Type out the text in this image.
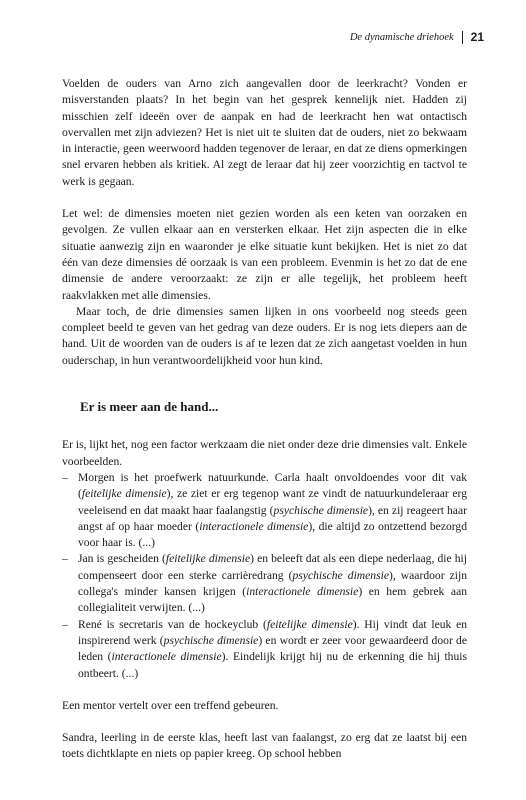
De dynamische driehoek 21

Voelden de ouders van Arno zich aangevallen door de leerkracht? Vonden er misverstanden plaats? In het begin van het gesprek kennelijk niet. Hadden zij misschien zelf ideeën over de aanpak en had de leerkracht hen wat ontactisch overvallen met zijn adviezen? Het is niet uit te sluiten dat de ouders, niet zo bekwaam in interactie, geen weerwoord hadden tegenover de leraar, en dat ze diens opmerkingen snel ervaren hebben als kritiek. Al zegt de leraar dat hij zeer voorzichtig en tactvol te werk is gegaan.

Let wel: de dimensies moeten niet gezien worden als een keten van oorzaken en gevolgen. Ze vullen elkaar aan en versterken elkaar. Het zijn aspecten die in elke situatie aanwezig zijn en waaronder je elke situatie kunt bekijken. Het is niet zo dat één van deze dimensies dé oorzaak is van een probleem. Evenmin is het zo dat de ene dimensie de andere veroorzaakt: ze zijn er alle tegelijk, het probleem heeft raakvlakken met alle dimensies.

Maar toch, de drie dimensies samen lijken in ons voorbeeld nog steeds geen compleet beeld te geven van het gedrag van deze ouders. Er is nog iets diepers aan de hand. Uit de woorden van de ouders is af te lezen dat ze zich aangetast voelden in hun ouderschap, in hun verantwoordelijkheid voor hun kind.

Er is meer aan de hand...

Er is, lijkt het, nog een factor werkzaam die niet onder deze drie dimensies valt. Enkele voorbeelden.

– Morgen is het proefwerk natuurkunde. Carla haalt onvoldoendes voor dit vak (feitelijke dimensie), ze ziet er erg tegenop want ze vindt de natuurkundeleraar erg veeleisend en dat maakt haar faalangstig (psychische dimensie), en zij reageert haar angst af op haar moeder (interactionele dimensie), die altijd zo ontzettend bezorgd voor haar is. (...)
– Jan is gescheiden (feitelijke dimensie) en beleeft dat als een diepe nederlaag, die hij compenseert door een sterke carrièredrang (psychische dimensie), waardoor zijn collega's minder kansen krijgen (interactionele dimensie) en hem gebrek aan collegialiteit verwijten. (...)
– René is secretaris van de hockeyclub (feitelijke dimensie). Hij vindt dat leuk en inspirerend werk (psychische dimensie) en wordt er zeer voor gewaardeerd door de leden (interactionele dimensie). Eindelijk krijgt hij nu de erkenning die hij thuis ontbeert. (...)

Een mentor vertelt over een treffend gebeuren.

Sandra, leerling in de eerste klas, heeft last van faalangst, zo erg dat ze laatst bij een toets dichtklapte en niets op papier kreeg. Op school hebben
